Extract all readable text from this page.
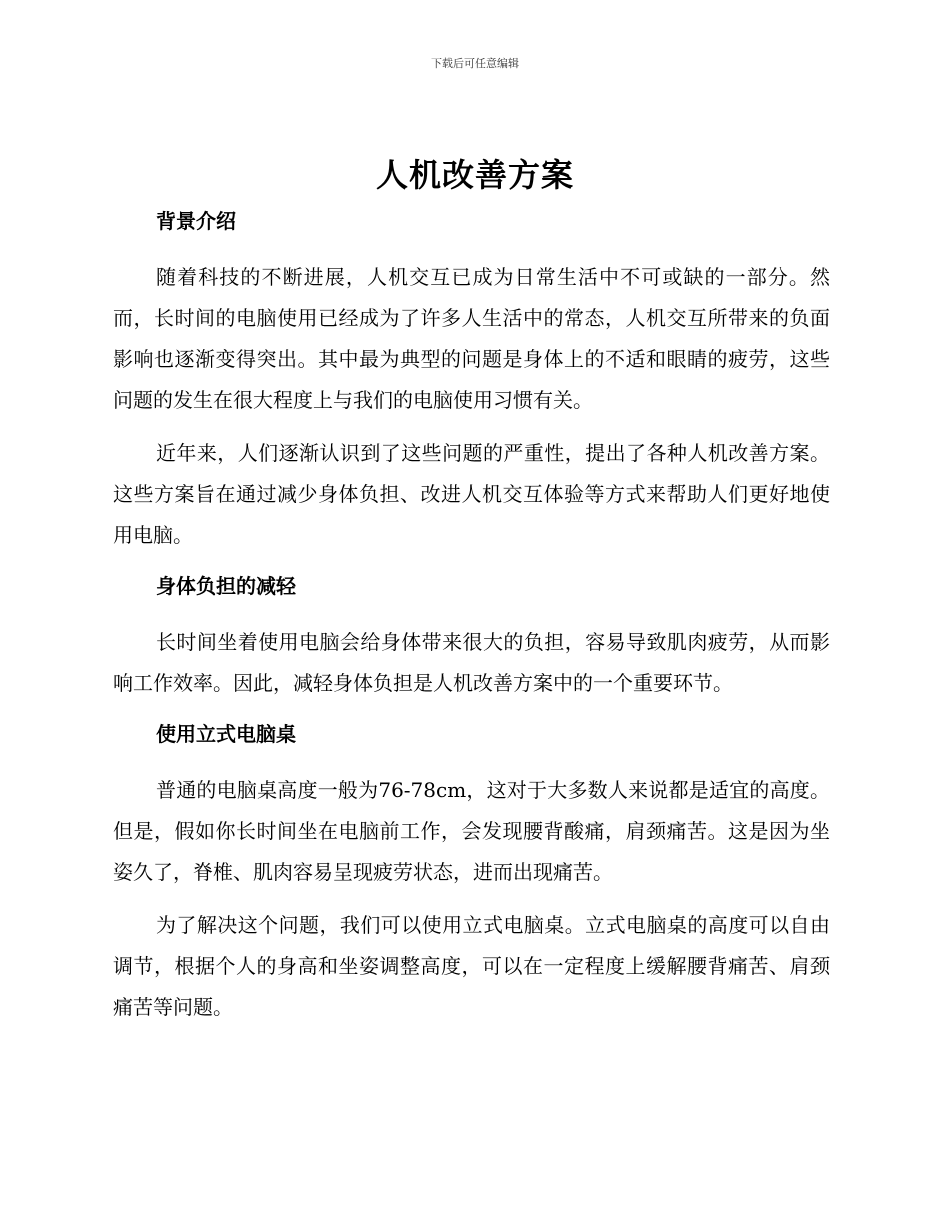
下载后可任意编辑
人机改善方案
背景介绍

随着科技的不断进展，人机交互已成为日常生活中不可或缺的一部分。然而，长时间的电脑使用已经成为了许多人生活中的常态，人机交互所带来的负面影响也逐渐变得突出。其中最为典型的问题是身体上的不适和眼睛的疲劳，这些问题的发生在很大程度上与我们的电脑使用习惯有关。

近年来，人们逐渐认识到了这些问题的严重性，提出了各种人机改善方案。这些方案旨在通过减少身体负担、改进人机交互体验等方式来帮助人们更好地使用电脑。

身体负担的减轻

长时间坐着使用电脑会给身体带来很大的负担，容易导致肌肉疲劳，从而影响工作效率。因此，减轻身体负担是人机改善方案中的一个重要环节。

使用立式电脑桌

普通的电脑桌高度一般为76-78cm，这对于大多数人来说都是适宜的高度。但是，假如你长时间坐在电脑前工作，会发现腰背酸痛，肩颈痛苦。这是因为坐姿久了，脊椎、肌肉容易呈现疲劳状态，进而出现痛苦。

为了解决这个问题，我们可以使用立式电脑桌。立式电脑桌的高度可以自由调节，根据个人的身高和坐姿调整高度，可以在一定程度上缓解腰背痛苦、肩颈痛苦等问题。
